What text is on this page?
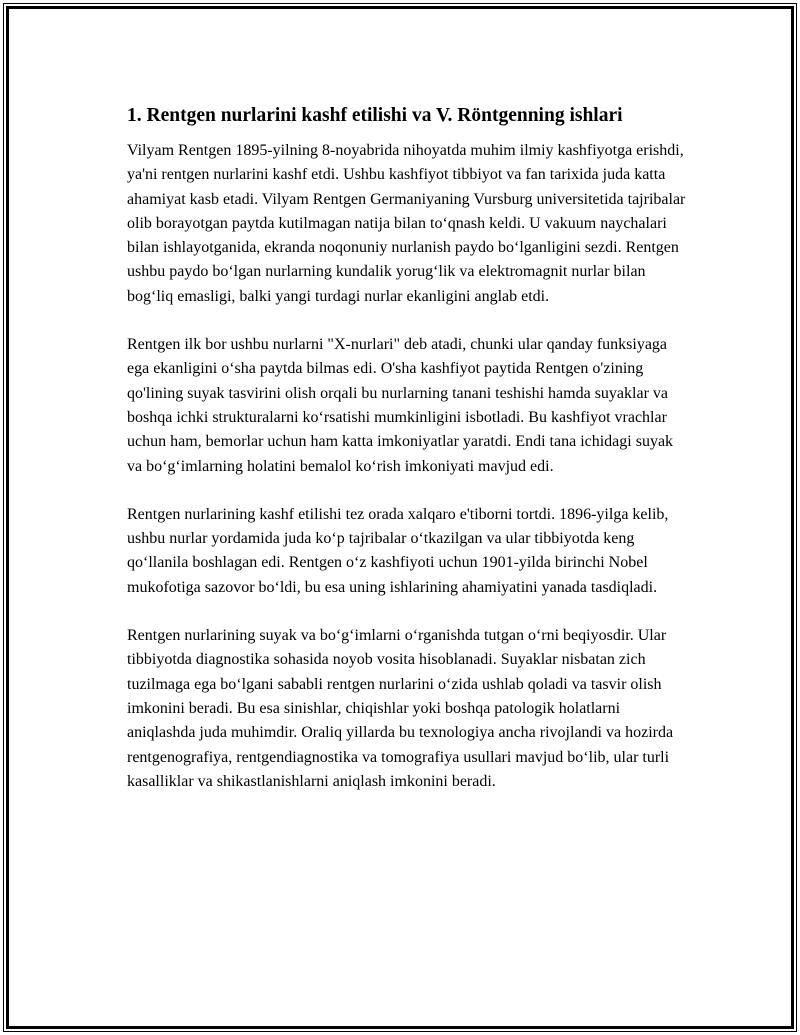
1. Rentgen nurlarini kashf etilishi va V. Röntgenning ishlari

Vilyam Rentgen 1895-yilning 8-noyabrida nihoyatda muhim ilmiy kashfiyotga erishdi, ya'ni rentgen nurlarini kashf etdi. Ushbu kashfiyot tibbiyot va fan tarixida juda katta ahamiyat kasb etadi. Vilyam Rentgen Germaniyaning Vursburg universitetida tajribalar olib borayotgan paytda kutilmagan natija bilan to‘qnash keldi. U vakuum naychalari bilan ishlayotganida, ekranda noqonuniy nurlanish paydo bo‘lganligini sezdi. Rentgen ushbu paydo bo‘lgan nurlarning kundalik yorug‘lik va elektromagnit nurlar bilan bog‘liq emasligi, balki yangi turdagi nurlar ekanligini anglab etdi.

Rentgen ilk bor ushbu nurlarni "X-nurlari" deb atadi, chunki ular qanday funksiyaga ega ekanligini o‘sha paytda bilmas edi. O'sha kashfiyot paytida Rentgen o'zining qo'lining suyak tasvirini olish orqali bu nurlarning tanani teshishi hamda suyaklar va boshqa ichki strukturalarni ko‘rsatishi mumkinligini isbotladi. Bu kashfiyot vrachlar uchun ham, bemorlar uchun ham katta imkoniyatlar yaratdi. Endi tana ichidagi suyak va bo‘g‘imlarning holatini bemalol ko‘rish imkoniyati mavjud edi.

Rentgen nurlarining kashf etilishi tez orada xalqaro e'tiborni tortdi. 1896-yilga kelib, ushbu nurlar yordamida juda ko‘p tajribalar o‘tkazilgan va ular tibbiyotda keng qo‘llanila boshlagan edi. Rentgen o‘z kashfiyoti uchun 1901-yilda birinchi Nobel mukofotiga sazovor bo‘ldi, bu esa uning ishlarining ahamiyatini yanada tasdiqladi.

Rentgen nurlarining suyak va bo‘g‘imlarni o‘rganishda tutgan o‘rni beqiyosdir. Ular tibbiyotda diagnostika sohasida noyob vosita hisoblanadi. Suyaklar nisbatan zich tuzilmaga ega bo‘lgani sababli rentgen nurlarini o‘zida ushlab qoladi va tasvir olish imkonini beradi. Bu esa sinishlar, chiqishlar yoki boshqa patologik holatlarni aniqlashda juda muhimdir. Oraliq yillarda bu texnologiya ancha rivojlandi va hozirda rentgenografiya, rentgendiagnostika va tomografiya usullari mavjud bo‘lib, ular turli kasalliklar va shikastlanishlarni aniqlash imkonini beradi.
